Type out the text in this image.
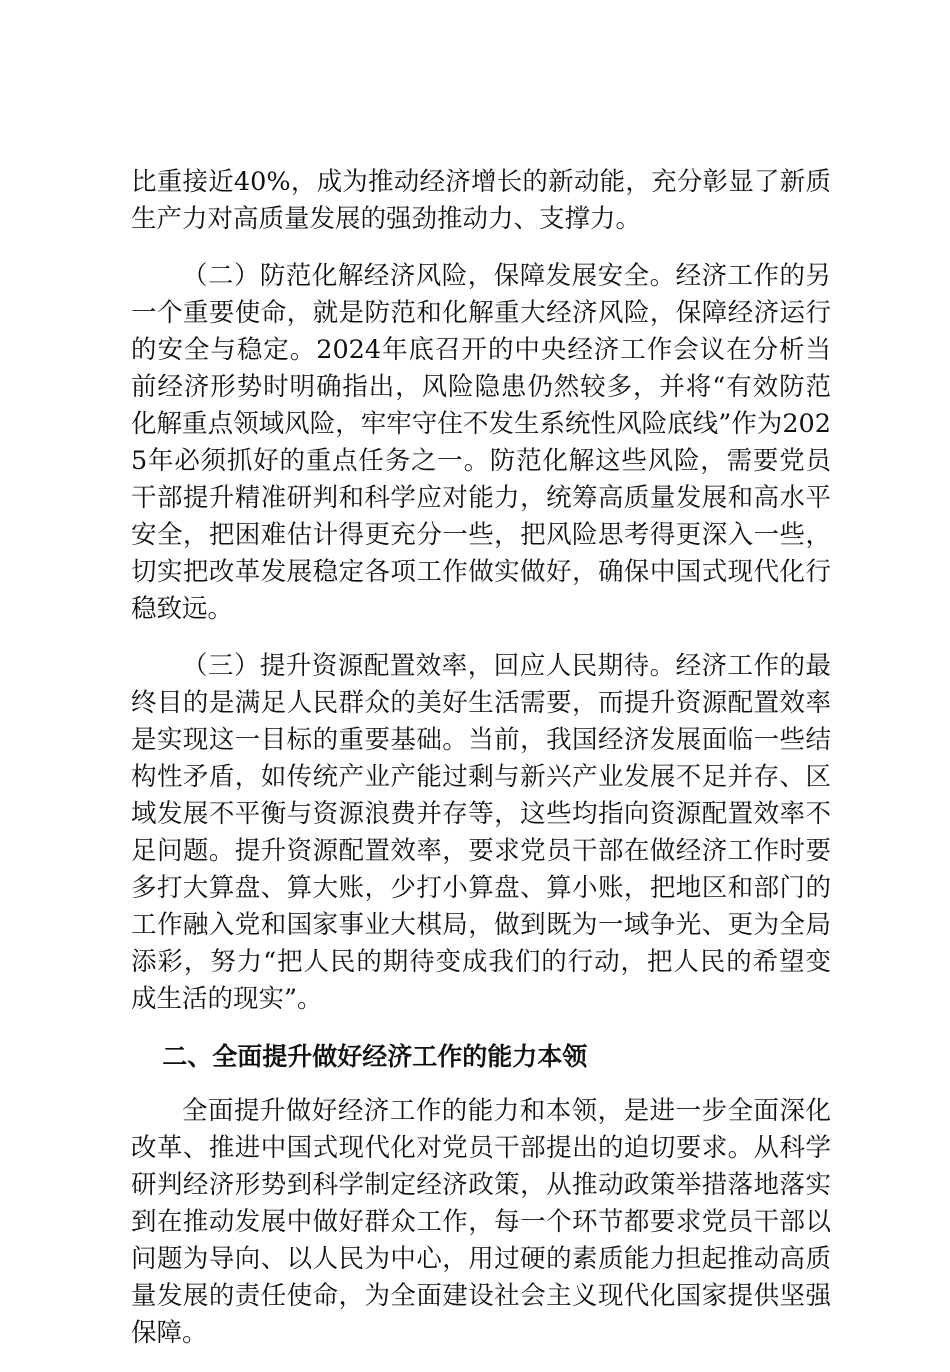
比重接近40%，成为推动经济增长的新动能，充分彰显了新质生产力对高质量发展的强劲推动力、支撑力。

（二）防范化解经济风险，保障发展安全。经济工作的另一个重要使命，就是防范和化解重大经济风险，保障经济运行的安全与稳定。2024年底召开的中央经济工作会议在分析当前经济形势时明确指出，风险隐患仍然较多，并将“有效防范化解重点领域风险，牢牢守住不发生系统性风险底线”作为2025年必须抓好的重点任务之一。防范化解这些风险，需要党员干部提升精准研判和科学应对能力，统筹高质量发展和高水平安全，把困难估计得更充分一些，把风险思考得更深入一些，切实把改革发展稳定各项工作做实做好，确保中国式现代化行稳致远。

（三）提升资源配置效率，回应人民期待。经济工作的最终目的是满足人民群众的美好生活需要，而提升资源配置效率是实现这一目标的重要基础。当前，我国经济发展面临一些结构性矛盾，如传统产业产能过剩与新兴产业发展不足并存、区域发展不平衡与资源浪费并存等，这些均指向资源配置效率不足问题。提升资源配置效率，要求党员干部在做经济工作时要多打大算盘、算大账，少打小算盘、算小账，把地区和部门的工作融入党和国家事业大棋局，做到既为一域争光、更为全局添彩，努力“把人民的期待变成我们的行动，把人民的希望变成生活的现实”。

二、全面提升做好经济工作的能力本领

全面提升做好经济工作的能力和本领，是进一步全面深化改革、推进中国式现代化对党员干部提出的迫切要求。从科学研判经济形势到科学制定经济政策，从推动政策举措落地落实到在推动发展中做好群众工作，每一个环节都要求党员干部以问题为导向、以人民为中心，用过硬的素质能力担起推动高质量发展的责任使命，为全面建设社会主义现代化国家提供坚强保障。
